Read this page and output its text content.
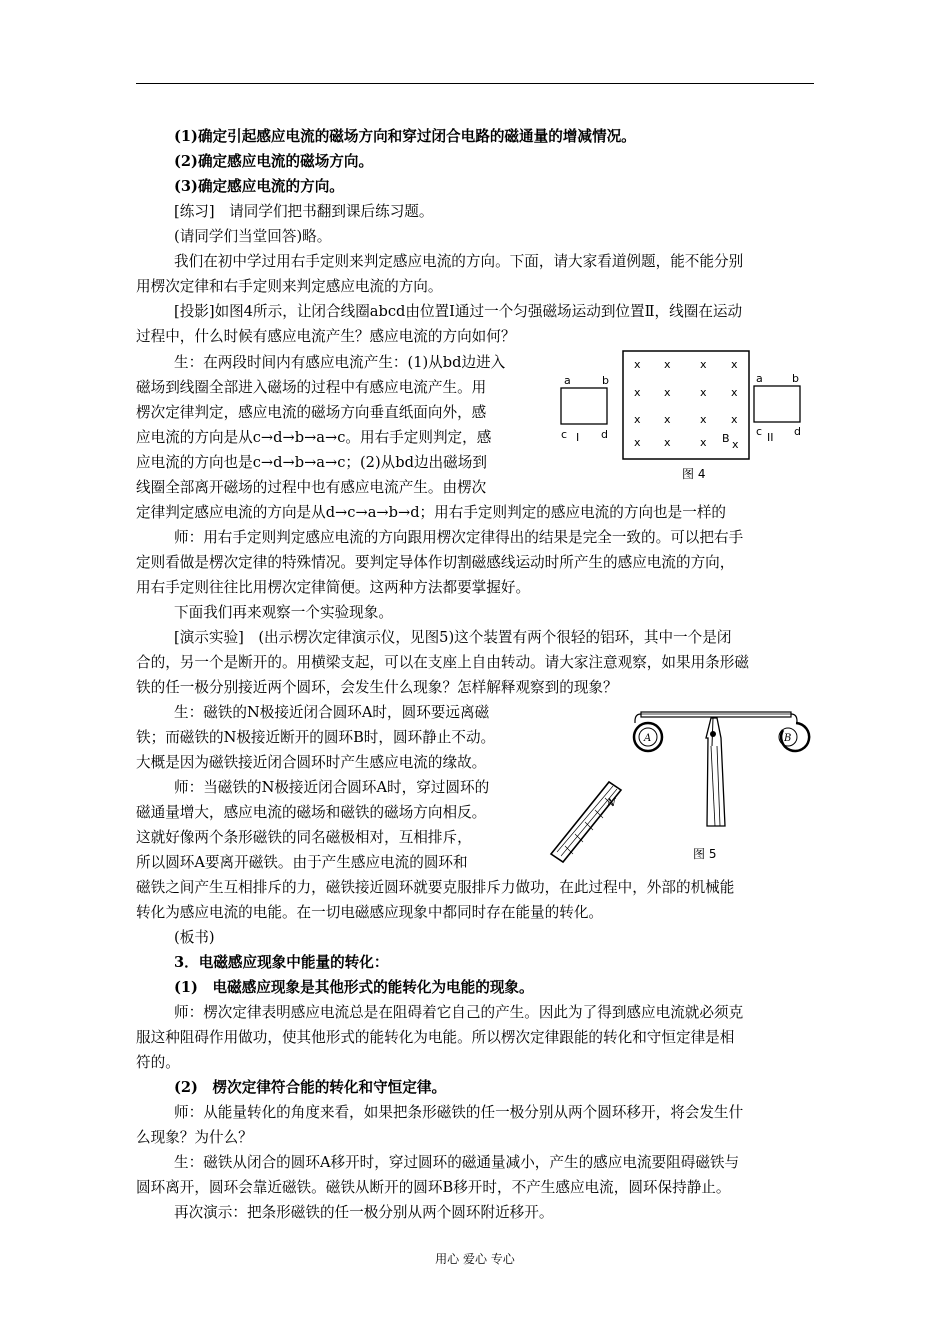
(1)确定引起感应电流的磁场方向和穿过闭合电路的磁通量的增减情况。
(2)确定感应电流的磁场方向。
(3)确定感应电流的方向。
[练习]　请同学们把书翻到课后练习题。
(请同学们当堂回答)略。
我们在初中学过用右手定则来判定感应电流的方向。下面，请大家看道例题，能不能分别
用楞次定律和右手定则来判定感应电流的方向。
[投影]如图4所示，让闭合线圈abcd由位置Ⅰ通过一个匀强磁场运动到位置Ⅱ，线圈在运动
过程中，什么时候有感应电流产生？感应电流的方向如何？
生：在两段时间内有感应电流产生：(1)从bd边进入
磁场到线圈全部进入磁场的过程中有感应电流产生。用
楞次定律判定，感应电流的磁场方向垂直纸面向外，感
应电流的方向是从c→d→b→a→c。用右手定则判定，感
应电流的方向也是c→d→b→a→c；(2)从bd边出磁场到
线圈全部离开磁场的过程中也有感应电流产生。由楞次
定律判定感应电流的方向是从d→c→a→b→d；用右手定则判定的感应电流的方向也是一样的
师：用右手定则判定感应电流的方向跟用楞次定律得出的结果是完全一致的。可以把右手
定则看做是楞次定律的特殊情况。要判定导体作切割磁感线运动时所产生的感应电流的方向，
用右手定则往往比用楞次定律简便。这两种方法都要掌握好。
下面我们再来观察一个实验现象。
[演示实验]　(出示楞次定律演示仪，见图5)这个装置有两个很轻的铝环，其中一个是闭
合的，另一个是断开的。用横梁支起，可以在支座上自由转动。请大家注意观察，如果用条形磁
铁的任一极分别接近两个圆环，会发生什么现象？怎样解释观察到的现象？
生：磁铁的N极接近闭合圆环A时，圆环要远离磁
铁；而磁铁的N极接近断开的圆环B时，圆环静止不动。
大概是因为磁铁接近闭合圆环时产生感应电流的缘故。
师：当磁铁的N极接近闭合圆环A时，穿过圆环的
磁通量增大，感应电流的磁场和磁铁的磁场方向相反。
这就好像两个条形磁铁的同名磁极相对，互相排斥，
所以圆环A要离开磁铁。由于产生感应电流的圆环和
磁铁之间产生互相排斥的力，磁铁接近圆环就要克服排斥力做功，在此过程中，外部的机械能
转化为感应电流的电能。在一切电磁感应现象中都同时存在能量的转化。
(板书)
3．电磁感应现象中能量的转化：
(1)　电磁感应现象是其他形式的能转化为电能的现象。
师：楞次定律表明感应电流总是在阻碍着它自己的产生。因此为了得到感应电流就必须克
服这种阻碍作用做功，使其他形式的能转化为电能。所以楞次定律跟能的转化和守恒定律是相
符的。
(2)　楞次定律符合能的转化和守恒定律。
师：从能量转化的角度来看，如果把条形磁铁的任一极分别从两个圆环移开，将会发生什
么现象？为什么？
生：磁铁从闭合的圆环A移开时，穿过圆环的磁通量减小，产生的感应电流要阻碍磁铁与
圆环离开，圆环会靠近磁铁。磁铁从断开的圆环B移开时，不产生感应电流，圆环保持静止。
再次演示：把条形磁铁的任一极分别从两个圆环附近移开。
x x	x x
x x	x x
x x	x x
x x	x x
B
a	b
c	d
I
a	b
c	d
II
图 4
A	B
N
图 5
用心 爱心 专心
